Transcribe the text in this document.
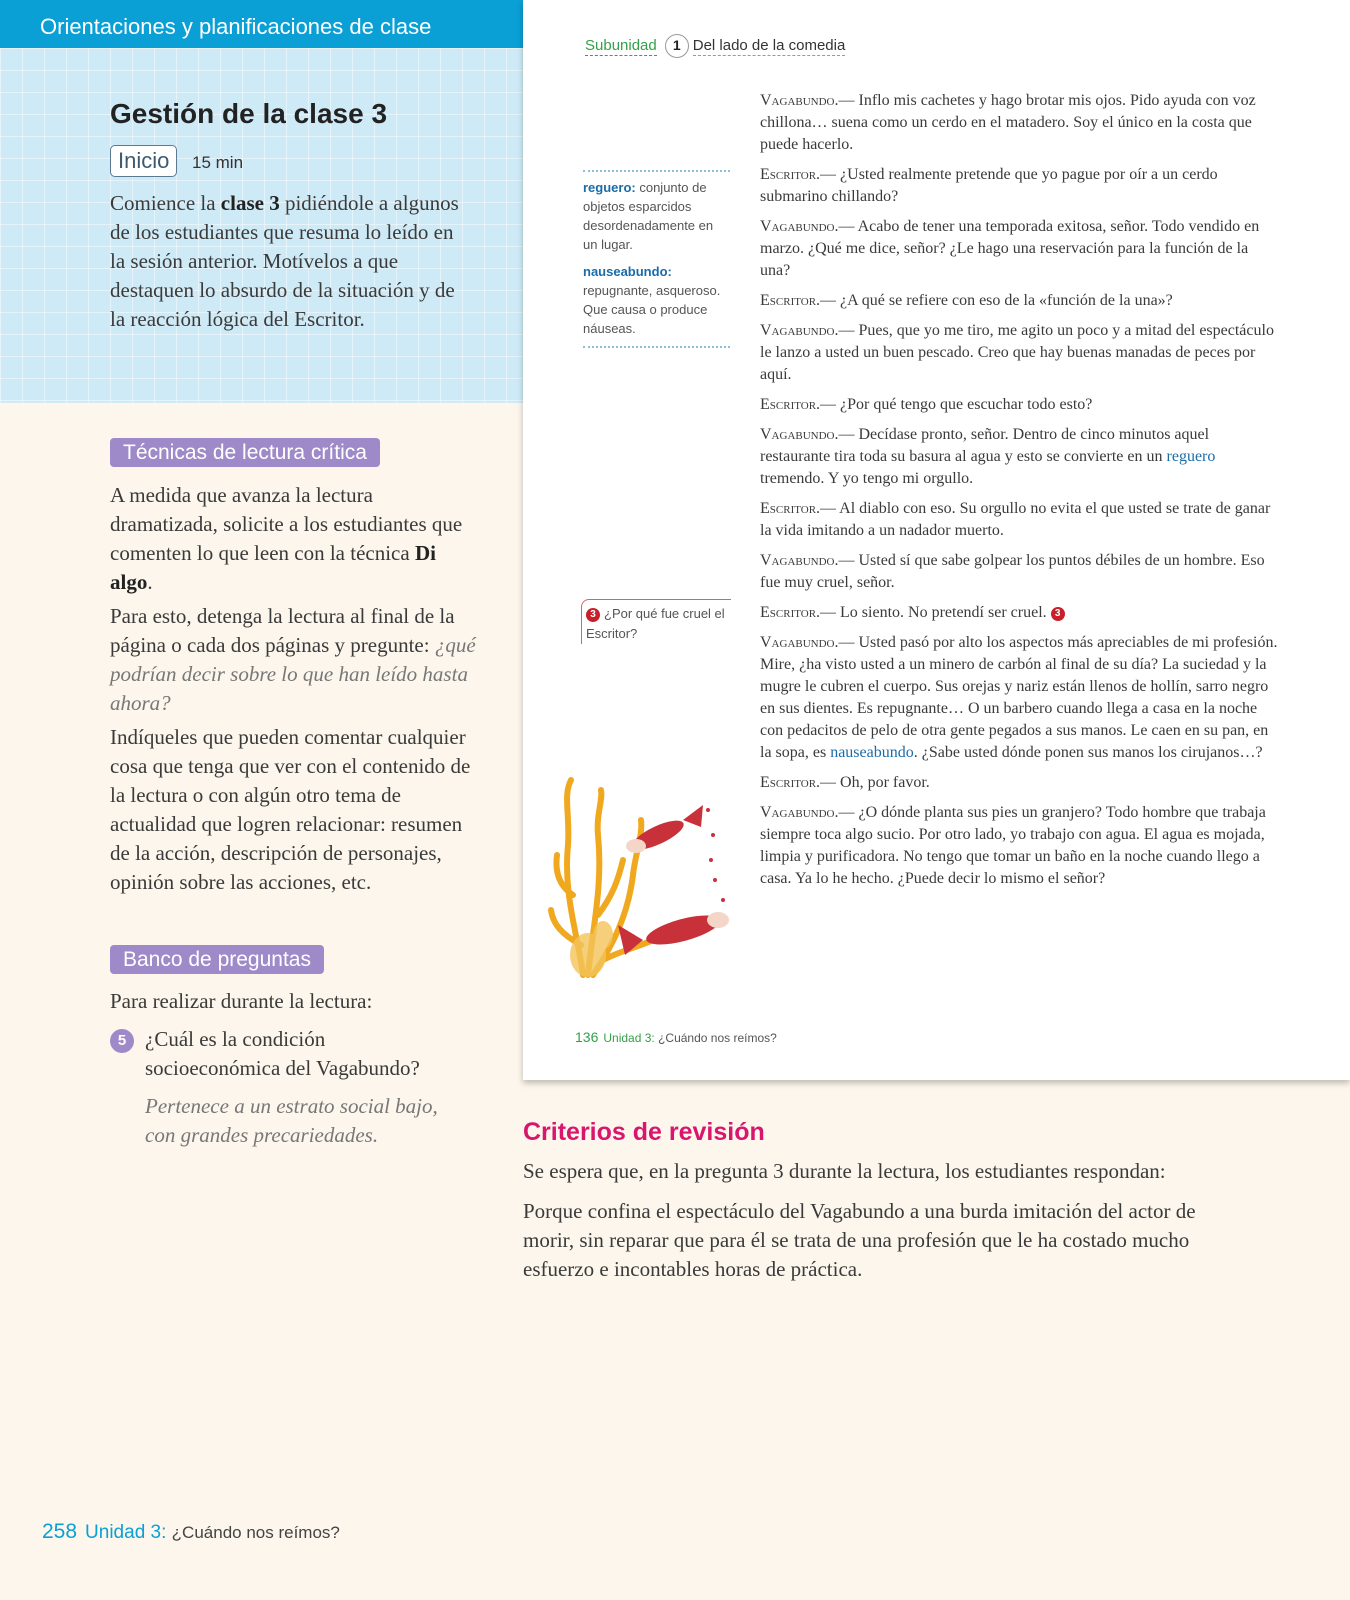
Orientaciones y planificaciones de clase
Gestión de la clase 3
Inicio	15 min

Comience la clase 3 pidiéndole a algunos de los estudiantes que resuma lo leído en la sesión anterior. Motívelos a que destaquen lo absurdo de la situación y de la reacción lógica del Escritor.

Técnicas de lectura crítica

A medida que avanza la lectura dramatizada, solicite a los estudiantes que comenten lo que leen con la técnica Di algo.

Para esto, detenga la lectura al final de la página o cada dos páginas y pregunte: ¿qué podrían decir sobre lo que han leído hasta ahora?

Indíqueles que pueden comentar cualquier cosa que tenga que ver con el contenido de la lectura o con algún otro tema de actualidad que logren relacionar: resumen de la acción, descripción de personajes, opinión sobre las acciones, etc.

Banco de preguntas

Para realizar durante la lectura:

5 ¿Cuál es la condición socioeconómica del Vagabundo?

Pertenece a un estrato social bajo, con grandes precariedades.

258 Unidad 3: ¿Cuándo nos reímos?
Subunidad 1 Del lado de la comedia

reguero: conjunto de objetos esparcidos desordenadamente en un lugar.

nauseabundo: repugnante, asqueroso. Que causa o produce náuseas.

3 ¿Por qué fue cruel el Escritor?

Vagabundo.— Inflo mis cachetes y hago brotar mis ojos. Pido ayuda con voz chillona… suena como un cerdo en el matadero. Soy el único en la costa que puede hacerlo.

Escritor.— ¿Usted realmente pretende que yo pague por oír a un cerdo submarino chillando?

Vagabundo.— Acabo de tener una temporada exitosa, señor. Todo vendido en marzo. ¿Qué me dice, señor? ¿Le hago una reservación para la función de la una?

Escritor.— ¿A qué se refiere con eso de la «función de la una»?

Vagabundo.— Pues, que yo me tiro, me agito un poco y a mitad del espectáculo le lanzo a usted un buen pescado. Creo que hay buenas manadas de peces por aquí.

Escritor.— ¿Por qué tengo que escuchar todo esto?

Vagabundo.— Decídase pronto, señor. Dentro de cinco minutos aquel restaurante tira toda su basura al agua y esto se convierte en un reguero tremendo. Y yo tengo mi orgullo.

Escritor.— Al diablo con eso. Su orgullo no evita el que usted se trate de ganar la vida imitando a un nadador muerto.

Vagabundo.— Usted sí que sabe golpear los puntos débiles de un hombre. Eso fue muy cruel, señor.

Escritor.— Lo siento. No pretendí ser cruel. 3

Vagabundo.— Usted pasó por alto los aspectos más apreciables de mi profesión. Mire, ¿ha visto usted a un minero de carbón al final de su día? La suciedad y la mugre le cubren el cuerpo. Sus orejas y nariz están llenos de hollín, sarro negro en sus dientes. Es repugnante… O un barbero cuando llega a casa en la noche con pedacitos de pelo de otra gente pegados a sus manos. Le caen en su pan, en la sopa, es nauseabundo. ¿Sabe usted dónde ponen sus manos los cirujanos…?

Escritor.— Oh, por favor.

Vagabundo.— ¿O dónde planta sus pies un granjero? Todo hombre que trabaja siempre toca algo sucio. Por otro lado, yo trabajo con agua. El agua es mojada, limpia y purificadora. No tengo que tomar un baño en la noche cuando llego a casa. Ya lo he hecho. ¿Puede decir lo mismo el señor?

136 Unidad 3: ¿Cuándo nos reímos?
Criterios de revisión

Se espera que, en la pregunta 3 durante la lectura, los estudiantes respondan:

Porque confina el espectáculo del Vagabundo a una burda imitación del actor de morir, sin reparar que para él se trata de una profesión que le ha costado mucho esfuerzo e incontables horas de práctica.
